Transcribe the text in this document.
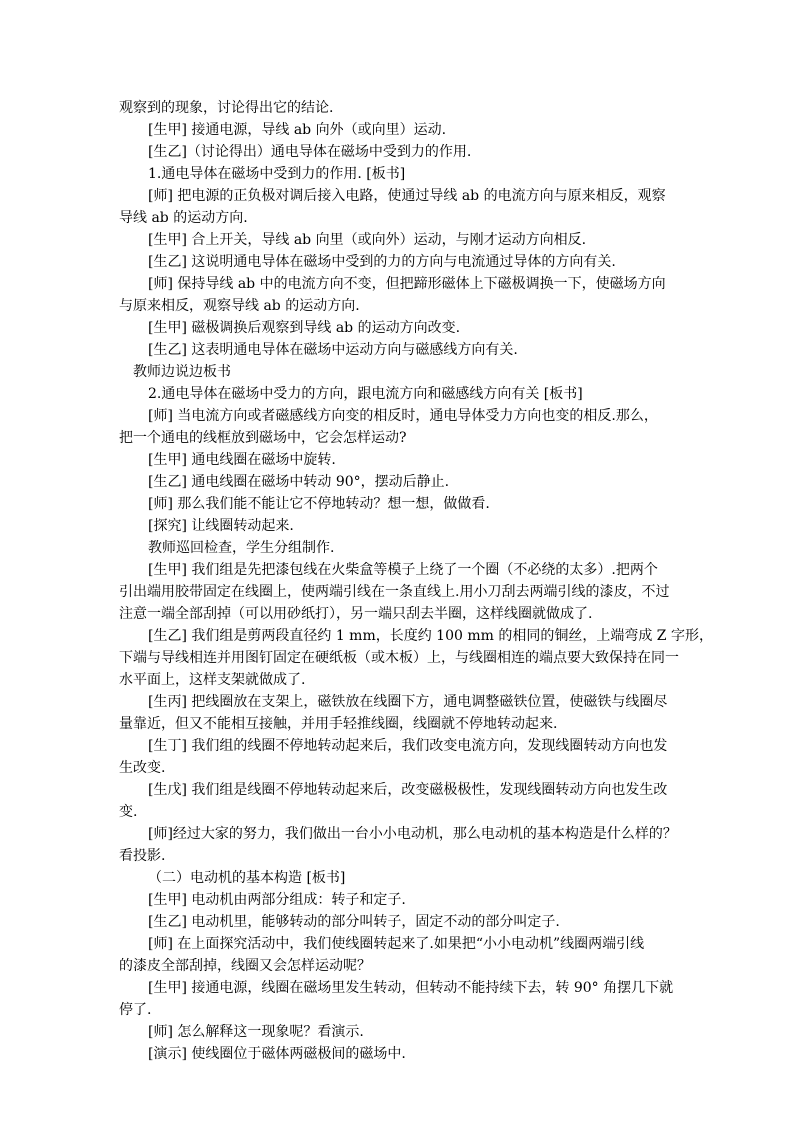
观察到的现象，讨论得出它的结论.
[生甲] 接通电源，导线 ab 向外（或向里）运动.
[生乙]（讨论得出）通电导体在磁场中受到力的作用.
1.通电导体在磁场中受到力的作用. [板书]
[师] 把电源的正负极对调后接入电路，使通过导线 ab 的电流方向与原来相反，观察
导线 ab 的运动方向.
[生甲] 合上开关，导线 ab 向里（或向外）运动，与刚才运动方向相反.
[生乙] 这说明通电导体在磁场中受到的力的方向与电流通过导体的方向有关.
[师] 保持导线 ab 中的电流方向不变，但把蹄形磁体上下磁极调换一下，使磁场方向
与原来相反，观察导线 ab 的运动方向.
[生甲] 磁极调换后观察到导线 ab 的运动方向改变.
[生乙] 这表明通电导体在磁场中运动方向与磁感线方向有关.
教师边说边板书
2.通电导体在磁场中受力的方向，跟电流方向和磁感线方向有关 [板书]
[师] 当电流方向或者磁感线方向变的相反时，通电导体受力方向也变的相反.那么，
把一个通电的线框放到磁场中，它会怎样运动?
[生甲] 通电线圈在磁场中旋转.
[生乙] 通电线圈在磁场中转动 90°，摆动后静止.
[师] 那么我们能不能让它不停地转动？想一想，做做看.
[探究] 让线圈转动起来.
教师巡回检查，学生分组制作.
[生甲] 我们组是先把漆包线在火柴盒等模子上绕了一个圈（不必绕的太多）.把两个
引出端用胶带固定在线圈上，使两端引线在一条直线上.用小刀刮去两端引线的漆皮，不过
注意一端全部刮掉（可以用砂纸打），另一端只刮去半圈，这样线圈就做成了.
[生乙] 我们组是剪两段直径约 1 mm，长度约 100 mm 的相同的铜丝，上端弯成 Z 字形，
下端与导线相连并用图钉固定在硬纸板（或木板）上，与线圈相连的端点要大致保持在同一
水平面上，这样支架就做成了.
[生丙] 把线圈放在支架上，磁铁放在线圈下方，通电调整磁铁位置，使磁铁与线圈尽
量靠近，但又不能相互接触，并用手轻推线圈，线圈就不停地转动起来.
[生丁] 我们组的线圈不停地转动起来后，我们改变电流方向，发现线圈转动方向也发
生改变.
[生戊] 我们组是线圈不停地转动起来后，改变磁极极性，发现线圈转动方向也发生改
变.
[师]经过大家的努力，我们做出一台小小电动机，那么电动机的基本构造是什么样的？
看投影.
（二）电动机的基本构造 [板书]
[生甲] 电动机由两部分组成：转子和定子.
[生乙] 电动机里，能够转动的部分叫转子，固定不动的部分叫定子.
[师] 在上面探究活动中，我们使线圈转起来了.如果把“小小电动机”线圈两端引线
的漆皮全部刮掉，线圈又会怎样运动呢？
[生甲] 接通电源，线圈在磁场里发生转动，但转动不能持续下去，转 90° 角摆几下就
停了.
[师] 怎么解释这一现象呢？看演示.
[演示] 使线圈位于磁体两磁极间的磁场中.
